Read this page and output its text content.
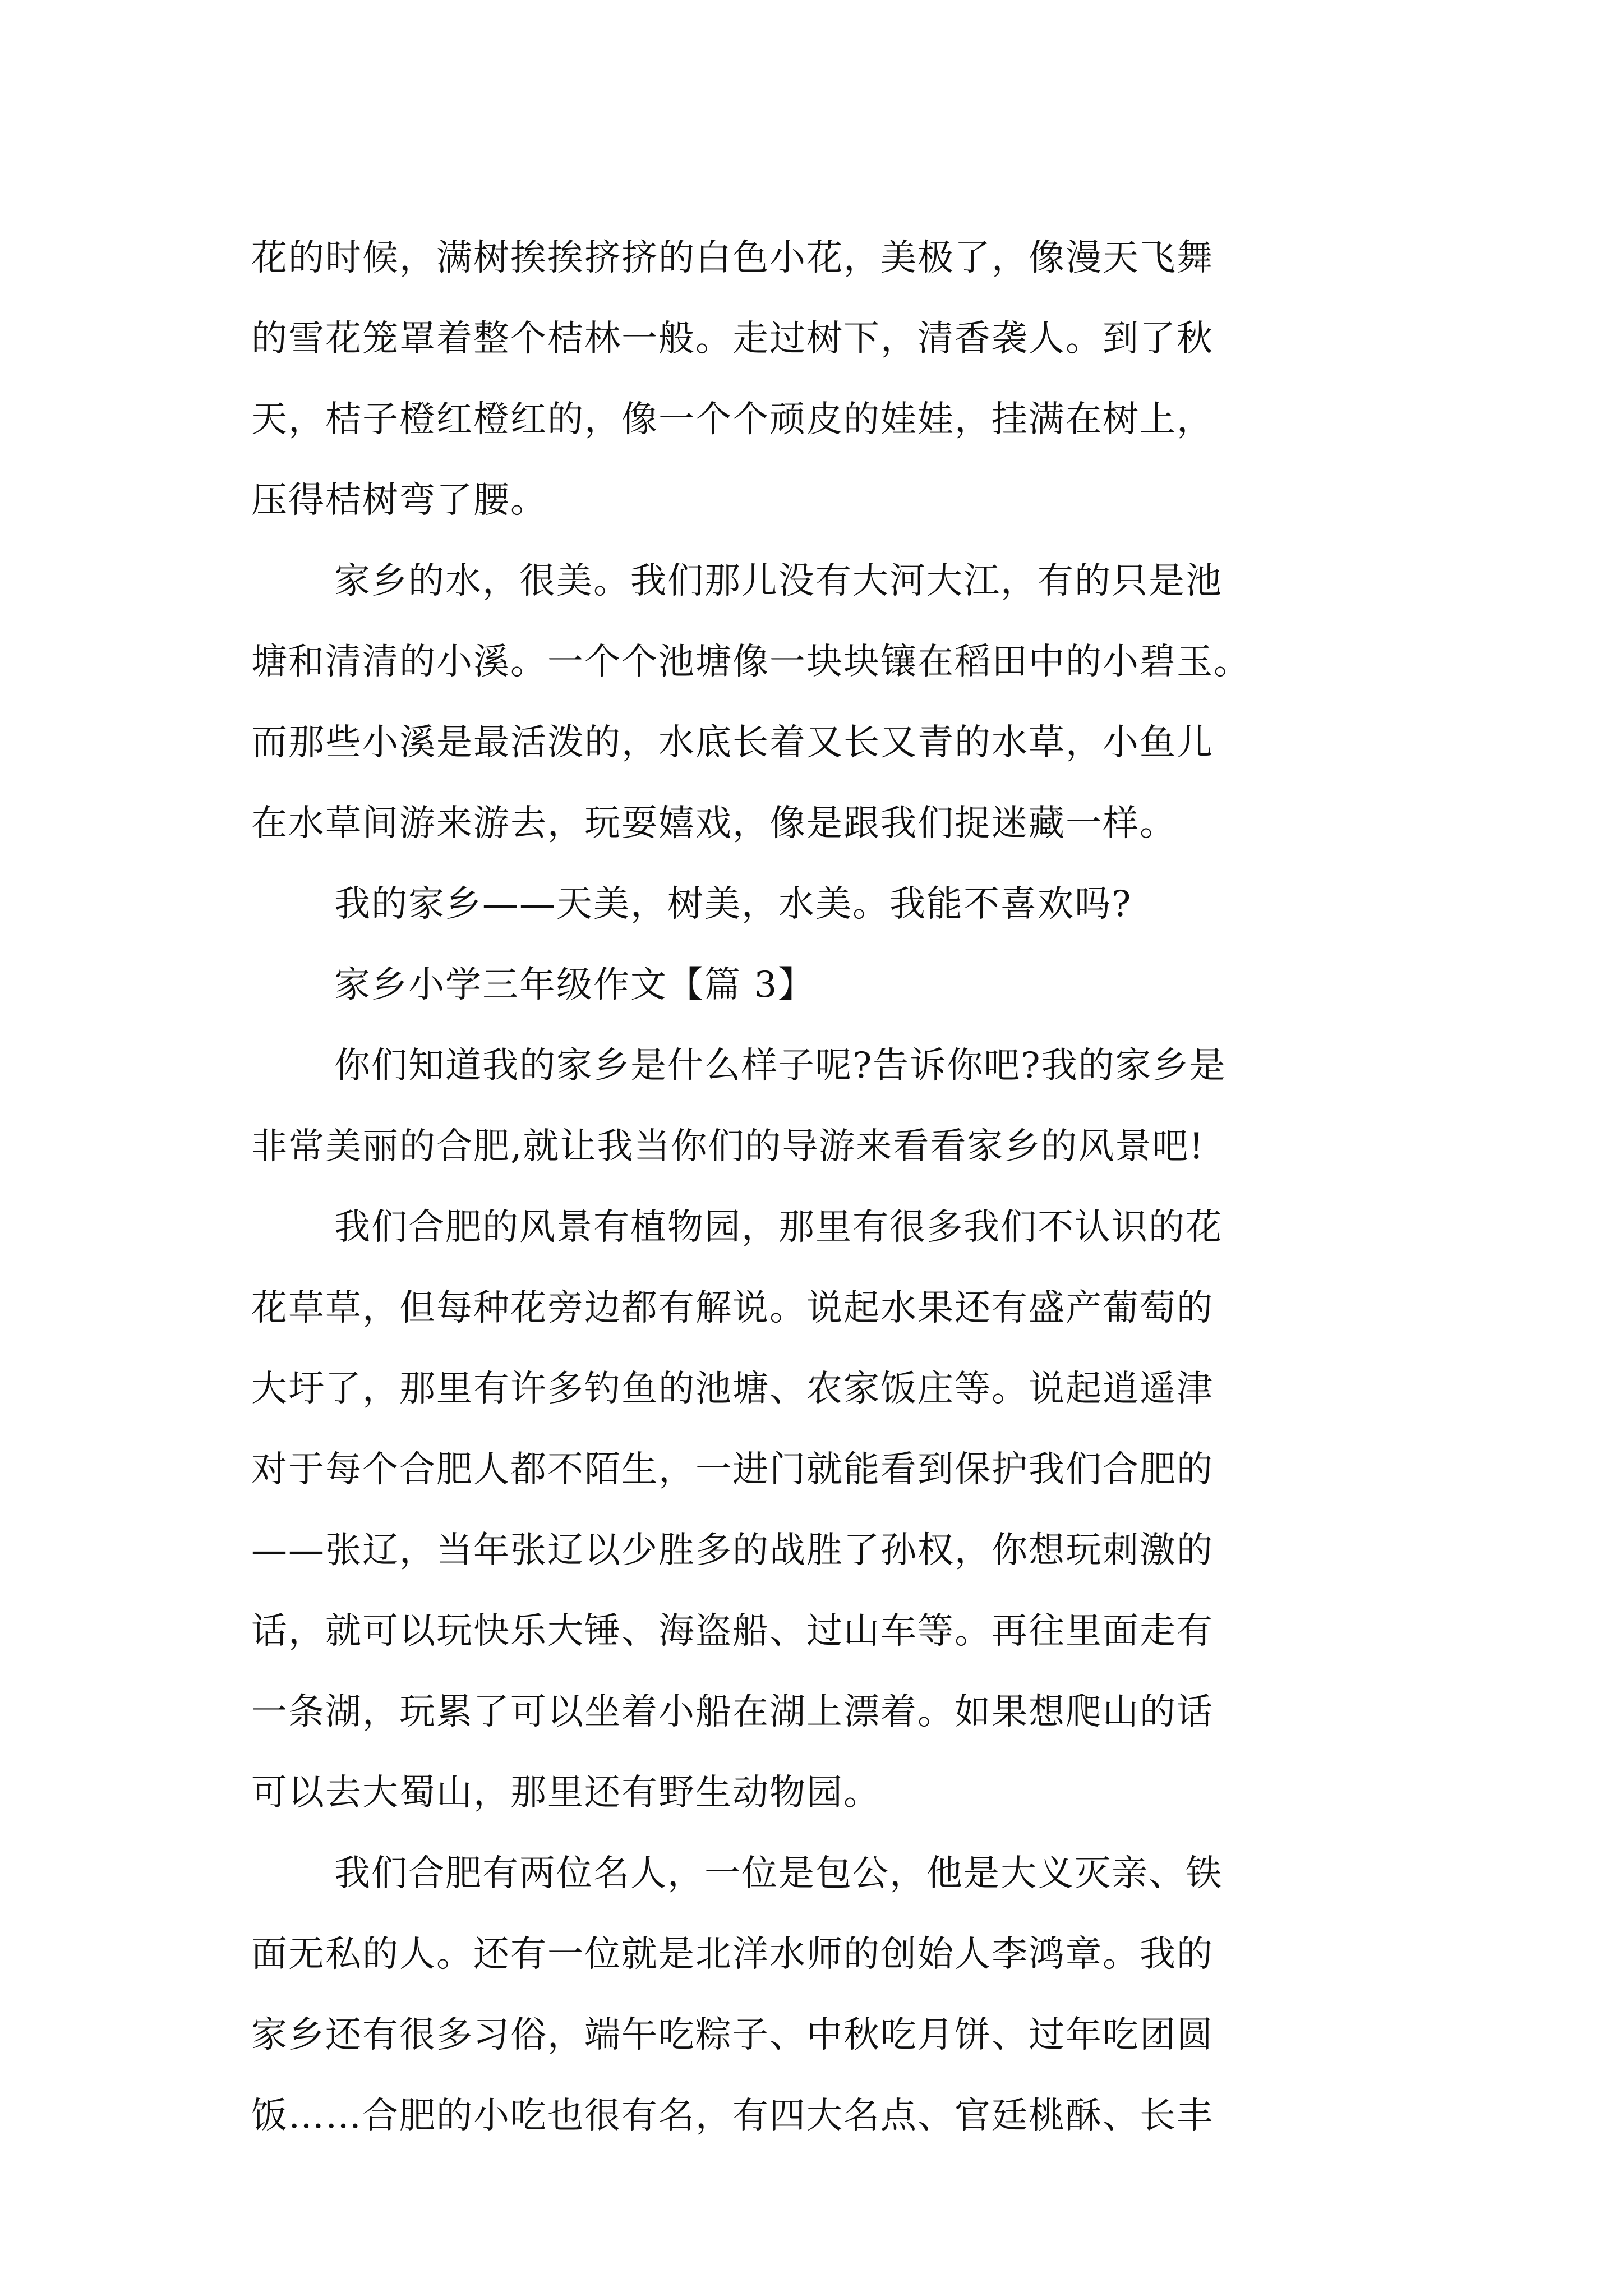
花的时候，满树挨挨挤挤的白色小花，美极了，像漫天飞舞
的雪花笼罩着整个桔林一般。走过树下，清香袭人。到了秋
天，桔子橙红橙红的，像一个个顽皮的娃娃，挂满在树上，
压得桔树弯了腰。
家乡的水，很美。我们那儿没有大河大江，有的只是池
塘和清清的小溪。一个个池塘像一块块镶在稻田中的小碧玉。
而那些小溪是最活泼的，水底长着又长又青的水草，小鱼儿
在水草间游来游去，玩耍嬉戏，像是跟我们捉迷藏一样。
我的家乡——天美，树美，水美。我能不喜欢吗?
家乡小学三年级作文【篇 3】
你们知道我的家乡是什么样子呢?告诉你吧?我的家乡是
非常美丽的合肥,就让我当你们的导游来看看家乡的风景吧!
我们合肥的风景有植物园，那里有很多我们不认识的花
花草草，但每种花旁边都有解说。说起水果还有盛产葡萄的
大圩了，那里有许多钓鱼的池塘、农家饭庄等。说起逍遥津
对于每个合肥人都不陌生，一进门就能看到保护我们合肥的
——张辽，当年张辽以少胜多的战胜了孙权，你想玩刺激的
话，就可以玩快乐大锤、海盗船、过山车等。再往里面走有
一条湖，玩累了可以坐着小船在湖上漂着。如果想爬山的话
可以去大蜀山，那里还有野生动物园。
我们合肥有两位名人，一位是包公，他是大义灭亲、铁
面无私的人。还有一位就是北洋水师的创始人李鸿章。我的
家乡还有很多习俗，端午吃粽子、中秋吃月饼、过年吃团圆
饭……合肥的小吃也很有名，有四大名点、官廷桃酥、长丰
